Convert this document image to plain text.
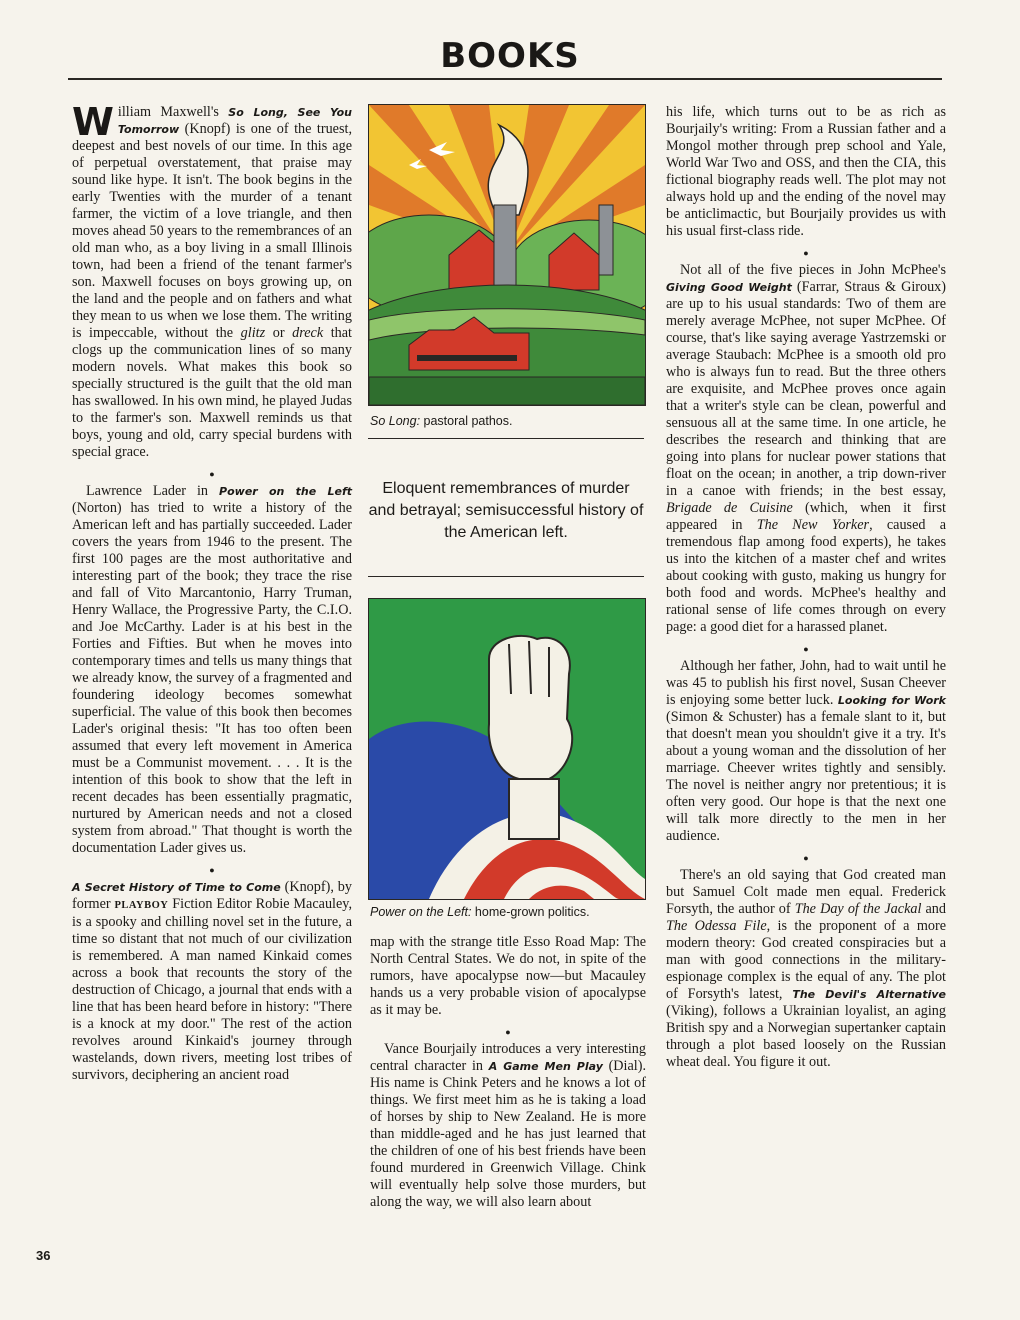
BOOKS

William Maxwell's So Long, See You Tomorrow (Knopf) is one of the truest, deepest and best novels of our time. In this age of perpetual overstatement, that praise may sound like hype. It isn't. The book begins in the early Twenties with the murder of a tenant farmer, the victim of a love triangle, and then moves ahead 50 years to the remembrances of an old man who, as a boy living in a small Illinois town, had been a friend of the tenant farmer's son. Maxwell focuses on boys growing up, on the land and the people and on fathers and what they mean to us when we lose them. The writing is impeccable, without the glitz or dreck that clogs up the communication lines of so many modern novels. What makes this book so specially structured is the guilt that the old man has swallowed. In his own mind, he played Judas to the farmer's son. Maxwell reminds us that boys, young and old, carry special burdens with special grace.

●

Lawrence Lader in Power on the Left (Norton) has tried to write a history of the American left and has partially succeeded. Lader covers the years from 1946 to the present. The first 100 pages are the most authoritative and interesting part of the book; they trace the rise and fall of Vito Marcantonio, Harry Truman, Henry Wallace, the Progressive Party, the C.I.O. and Joe McCarthy. Lader is at his best in the Forties and Fifties. But when he moves into contemporary times and tells us many things that we already know, the survey of a fragmented and foundering ideology becomes somewhat superficial. The value of this book then becomes Lader's original thesis: "It has too often been assumed that every left movement in America must be a Communist movement. . . . It is the intention of this book to show that the left in recent decades has been essentially pragmatic, nurtured by American needs and not a closed system from abroad." That thought is worth the documentation Lader gives us.

●

A Secret History of Time to Come (Knopf), by former PLAYBOY Fiction Editor Robie Macauley, is a spooky and chilling novel set in the future, a time so distant that not much of our civilization is remembered. A man named Kinkaid comes across a book that recounts the story of the destruction of Chicago, a journal that ends with a line that has been heard before in history: "There is a knock at my door." The rest of the action revolves around Kinkaid's journey through wastelands, down rivers, meeting lost tribes of survivors, deciphering an ancient road

So Long: pastoral pathos.
Eloquent remembrances of murder and betrayal; semisuccessful history of the American left.
Power on the Left: home-grown politics.

map with the strange title Esso Road Map: The North Central States. We do not, in spite of the rumors, have apocalypse now—but Macauley hands us a very probable vision of apocalypse as it may be.

●

Vance Bourjaily introduces a very interesting central character in A Game Men Play (Dial). His name is Chink Peters and he knows a lot of things. We first meet him as he is taking a load of horses by ship to New Zealand. He is more than middle-aged and he has just learned that the children of one of his best friends have been found murdered in Greenwich Village. Chink will eventually help solve those murders, but along the way, we will also learn about

his life, which turns out to be as rich as Bourjaily's writing: From a Russian father and a Mongol mother through prep school and Yale, World War Two and OSS, and then the CIA, this fictional biography reads well. The plot may not always hold up and the ending of the novel may be anticlimactic, but Bourjaily provides us with his usual first-class ride.

●

Not all of the five pieces in John McPhee's Giving Good Weight (Farrar, Straus & Giroux) are up to his usual standards: Two of them are merely average McPhee, not super McPhee. Of course, that's like saying average Yastrzemski or average Staubach: McPhee is a smooth old pro who is always fun to read. But the three others are exquisite, and McPhee proves once again that a writer's style can be clean, powerful and sensuous all at the same time. In one article, he describes the research and thinking that are going into plans for nuclear power stations that float on the ocean; in another, a trip down-river in a canoe with friends; in the best essay, Brigade de Cuisine (which, when it first appeared in The New Yorker, caused a tremendous flap among food experts), he takes us into the kitchen of a master chef and writes about cooking with gusto, making us hungry for both food and words. McPhee's healthy and rational sense of life comes through on every page: a good diet for a harassed planet.

●

Although her father, John, had to wait until he was 45 to publish his first novel, Susan Cheever is enjoying some better luck. Looking for Work (Simon & Schuster) has a female slant to it, but that doesn't mean you shouldn't give it a try. It's about a young woman and the dissolution of her marriage. Cheever writes tightly and sensibly. The novel is neither angry nor pretentious; it is often very good. Our hope is that the next one will talk more directly to the men in her audience.

●

There's an old saying that God created man but Samuel Colt made men equal. Frederick Forsyth, the author of The Day of the Jackal and The Odessa File, is the proponent of a more modern theory: God created conspiracies but a man with good connections in the military-espionage complex is the equal of any. The plot of Forsyth's latest, The Devil's Alternative (Viking), follows a Ukrainian loyalist, an aging British spy and a Norwegian supertanker captain through a plot based loosely on the Russian wheat deal. You figure it out.

36
